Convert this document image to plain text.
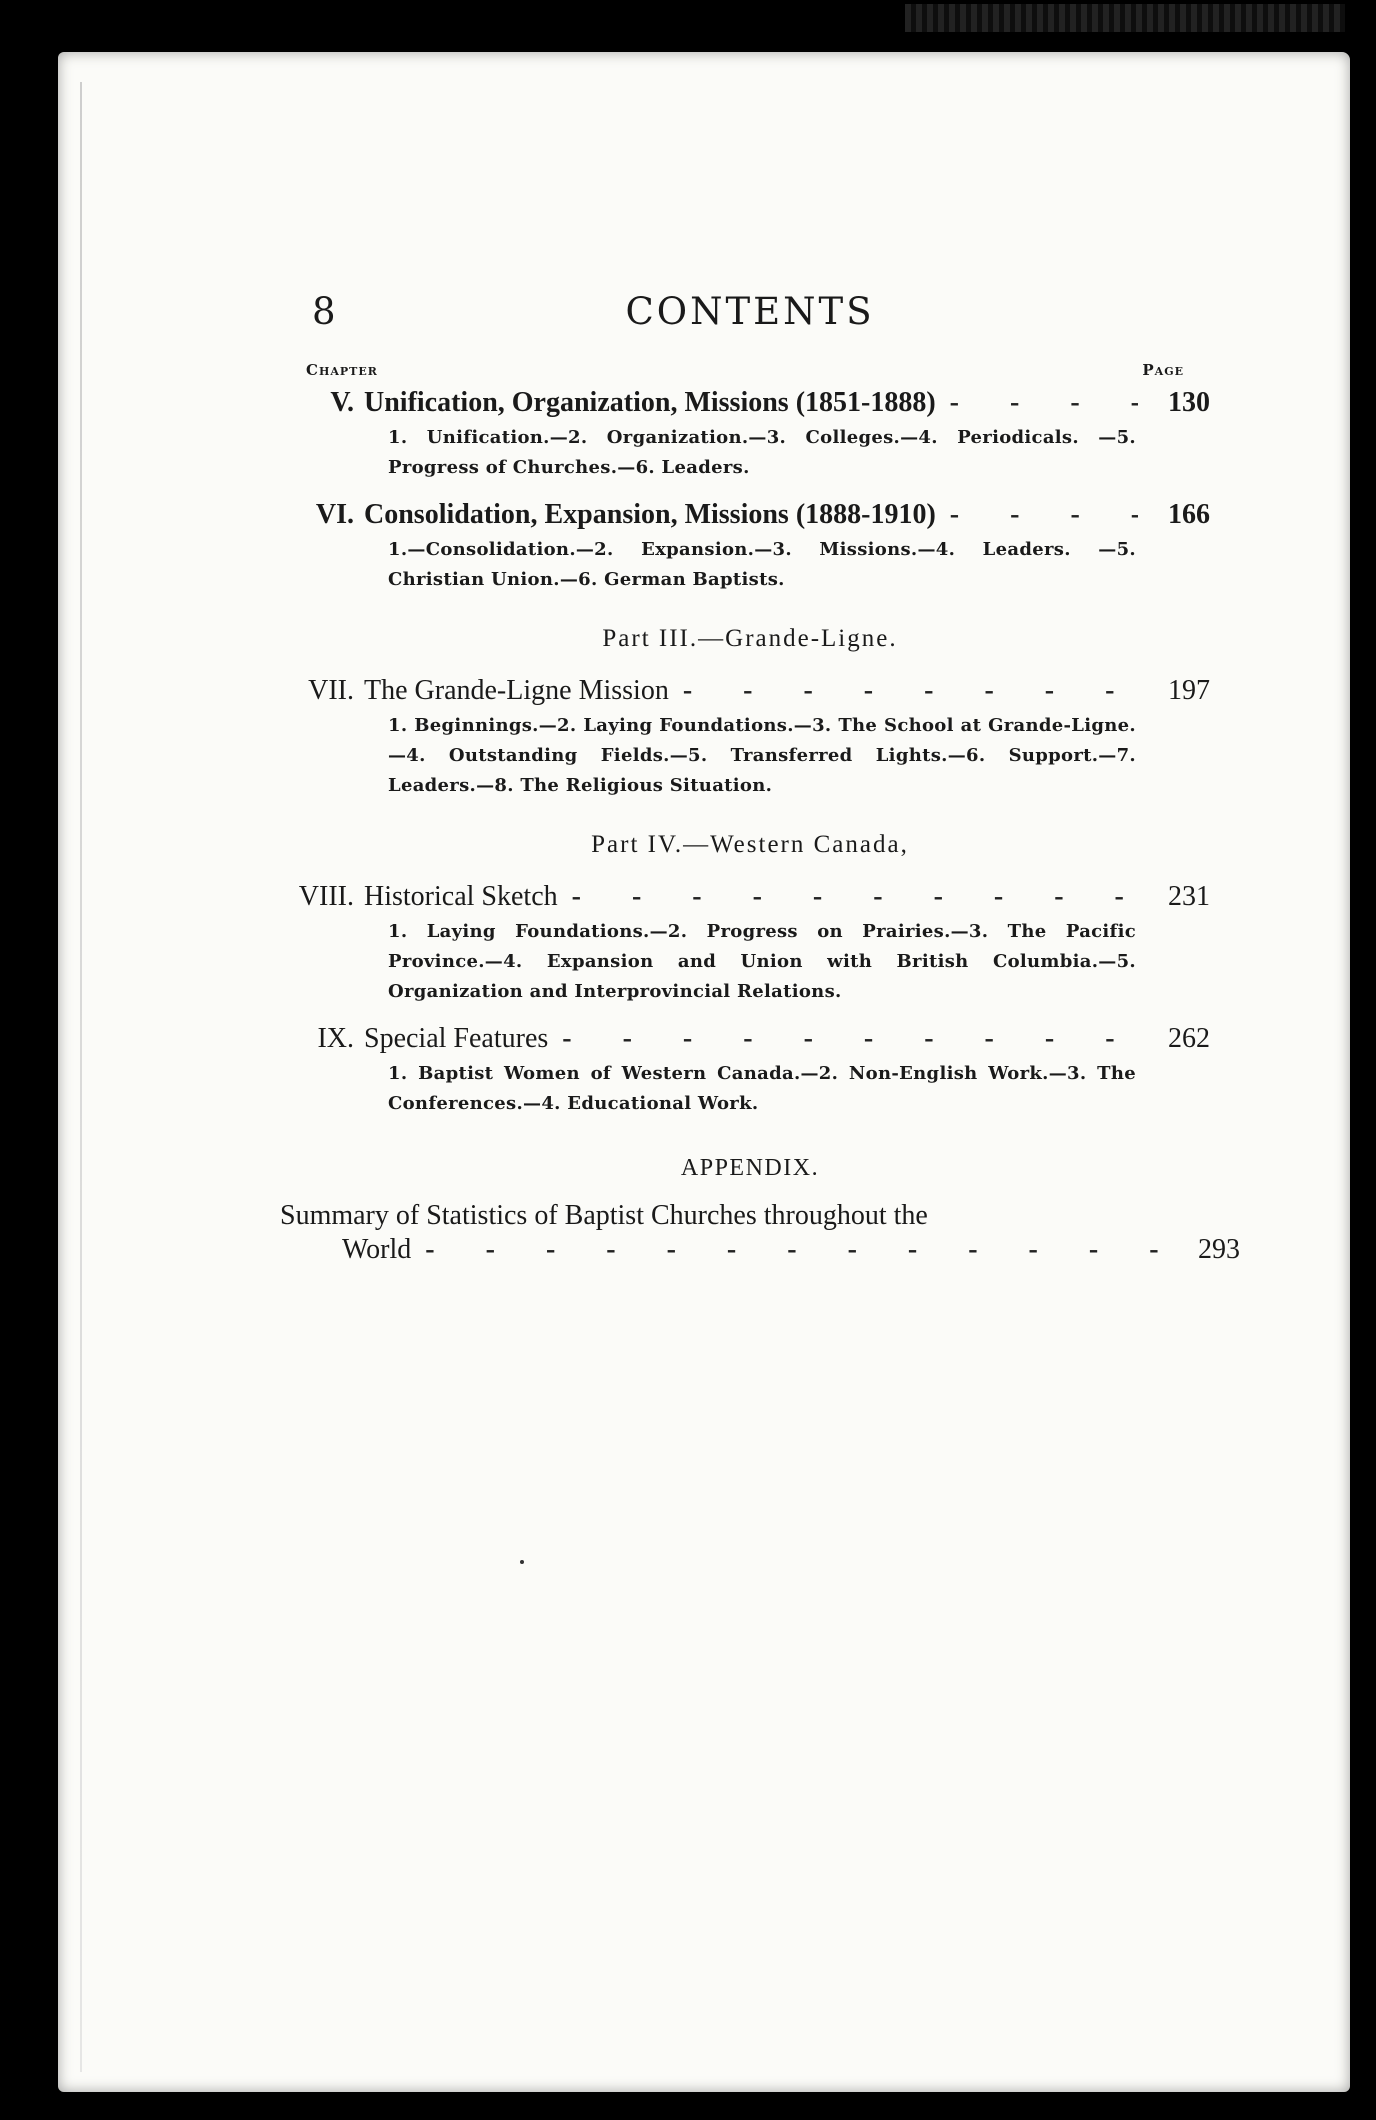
8	CONTENTS
Chapter	Page
V. Unification, Organization, Missions (1851-1888) - - -	130
1. Unification.—2. Organization.—3. Colleges.—4. Periodicals. —5. Progress of Churches.—6. Leaders.
VI. Consolidation, Expansion, Missions (1888-1910) - - -	166
1.—Consolidation.—2. Expansion.—3. Missions.—4. Leaders. —5. Christian Union.—6. German Baptists.
Part III.—Grande-Ligne.
VII. The Grande-Ligne Mission - - -	197
1. Beginnings.—2. Laying Foundations.—3. The School at Grande-Ligne.—4. Outstanding Fields.—5. Transferred Lights.—6. Support.—7. Leaders.—8. The Religious Situation.
Part IV.—Western Canada,
VIII. Historical Sketch - - -	231
1. Laying Foundations.—2. Progress on Prairies.—3. The Pacific Province.—4. Expansion and Union with British Columbia.—5. Organization and Interprovincial Relations.
IX. Special Features - - -	262
1. Baptist Women of Western Canada.—2. Non-English Work.—3. The Conferences.—4. Educational Work.
APPENDIX.
Summary of Statistics of Baptist Churches throughout the
World - - -	293
